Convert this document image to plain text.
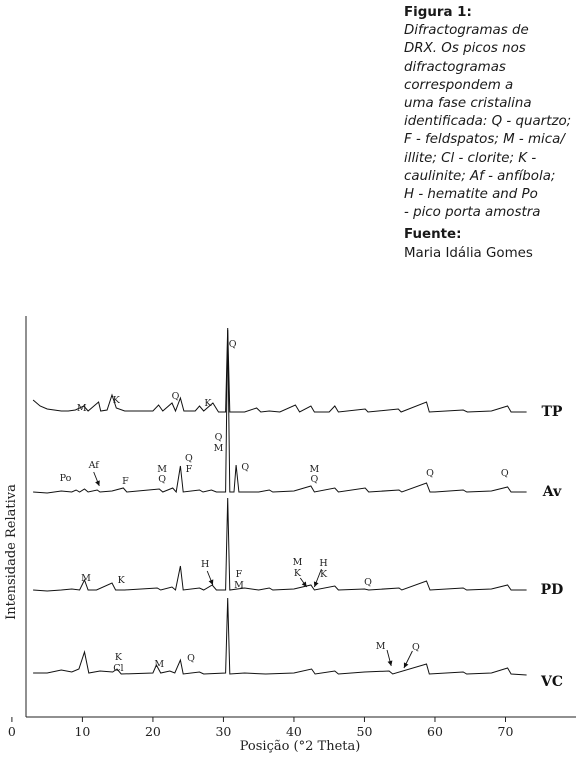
Figura 1:
Difractogramas de
DRX. Os picos nos
difractogramas
correspondem a
uma fase cristalina
identificada: Q - quartzo;
F - feldspatos; M - mica/
illite; Cl - clorite; K -
caulinite; Af - anfíbola;
H - hematite and Po
- pico porta amostra
Fuente:
Maria Idália Gomes
0	10	20	30	40	50	60	70
Q
M
K	Q
K
Q
M
Af
Po	F
M
Q
Q
F	Q	M
Q
Q	Q
M	K
H
F
M
M
K
H
K
Q
K
Cl	M
Q
M	Q
TP
Av
PD
VC
Posição (°2 Theta)
Intensidade Relativa
